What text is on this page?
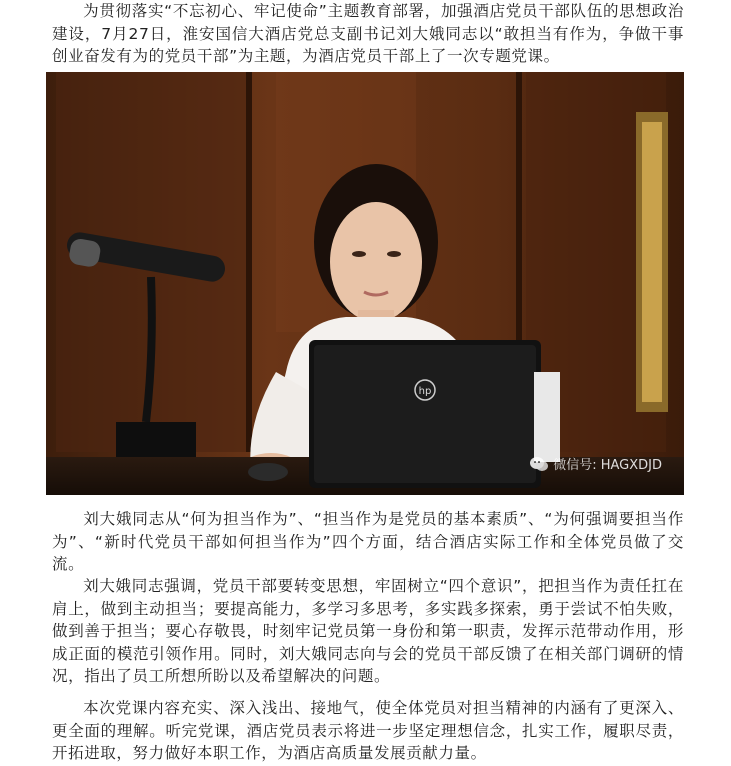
为贯彻落实“不忘初心、牢记使命”主题教育部署，加强酒店党员干部队伍的思想政治建设，7月27日，淮安国信大酒店党总支副书记刘大娥同志以“敢担当有作为，争做干事创业奋发有为的党员干部”为主题，为酒店党员干部上了一次专题党课。

hp
微信号: HAGXDJD

刘大娥同志从“何为担当作为”、“担当作为是党员的基本素质”、“为何强调要担当作为”、“新时代党员干部如何担当作为”四个方面，结合酒店实际工作和全体党员做了交流。

刘大娥同志强调，党员干部要转变思想，牢固树立“四个意识”，把担当作为责任扛在肩上，做到主动担当；要提高能力，多学习多思考，多实践多探索，勇于尝试不怕失败，做到善于担当；要心存敬畏，时刻牢记党员第一身份和第一职责，发挥示范带动作用，形成正面的模范引领作用。同时，刘大娥同志向与会的党员干部反馈了在相关部门调研的情况，指出了员工所想所盼以及希望解决的问题。

本次党课内容充实、深入浅出、接地气，使全体党员对担当精神的内涵有了更深入、更全面的理解。听完党课，酒店党员表示将进一步坚定理想信念，扎实工作，履职尽责，开拓进取，努力做好本职工作，为酒店高质量发展贡献力量。
